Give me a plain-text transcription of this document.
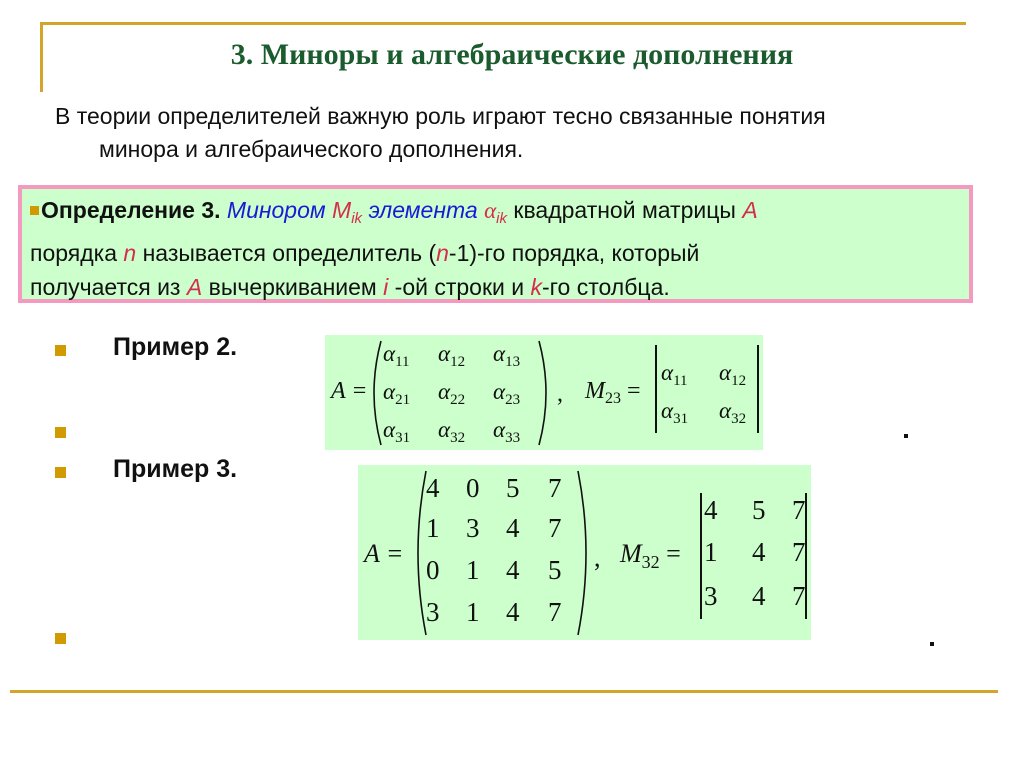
3. Миноры и алгебраические дополнения
В теории определителей важную роль играют тесно связанные понятия
минора и алгебраического дополнения.
Определение 3. Минором $M_{ik}$ элемента $\alpha_{ik}$ квадратной матрицы A
порядка n называется определитель (n-1)-го порядка, который
получается из A вычеркиванием i -ой строки и k-го столбца.
Пример 2.
Пример 3.
A =
$\alpha_{11}$ $\alpha_{12}$ $\alpha_{13}$
$\alpha_{21}$ $\alpha_{22}$ $\alpha_{23}$
$\alpha_{31}$ $\alpha_{32}$ $\alpha_{33}$
, $M_{23}$ =
$\alpha_{11}$ $\alpha_{12}$
$\alpha_{31}$ $\alpha_{32}$
A =
4 0 5 7
1 3 4 7
0 1 4 5
3 1 4 7
, $M_{32}$ =
4 5 7
1 4 7
3 4 7
